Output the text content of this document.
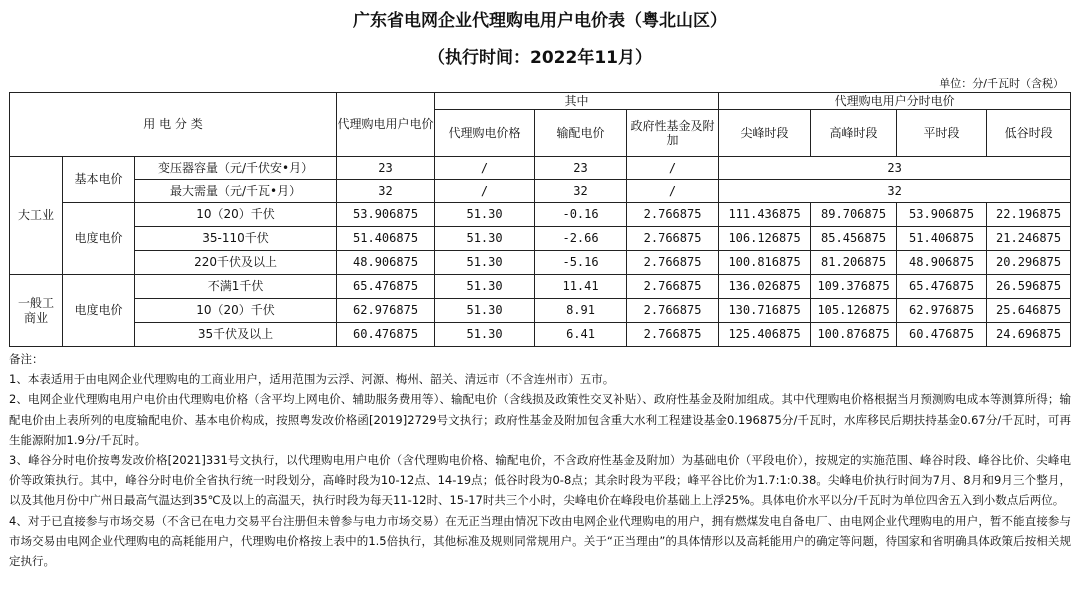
广东省电网企业代理购电用户电价表（粤北山区）
（执行时间：2022年11月）
单位：分/千瓦时（含税）
用 电 分 类			代理购电用户电价	其中			代理购电用户分时电价			
				代理购电价格	输配电价	政府性基金及附加	尖峰时段	高峰时段	平时段	低谷时段
大工业	基本电价	变压器容量（元/千伏安•月）	23	/	23	/	23			
		最大需量（元/千瓦•月）	32	/	32	/	32			
	电度电价	10（20）千伏	53.906875	51.30	-0.16	2.766875	111.436875	89.706875	53.906875	22.196875
		35-110千伏	51.406875	51.30	-2.66	2.766875	106.126875	85.456875	51.406875	21.246875
		220千伏及以上	48.906875	51.30	-5.16	2.766875	100.816875	81.206875	48.906875	20.296875
一般工商业	电度电价	不满1千伏	65.476875	51.30	11.41	2.766875	136.026875	109.376875	65.476875	26.596875
		10（20）千伏	62.976875	51.30	8.91	2.766875	130.716875	105.126875	62.976875	25.646875
		35千伏及以上	60.476875	51.30	6.41	2.766875	125.406875	100.876875	60.476875	24.696875

备注：

1、本表适用于由电网企业代理购电的工商业用户，适用范围为云浮、河源、梅州、韶关、清远市（不含连州市）五市。

2、电网企业代理购电用户电价由代理购电价格（含平均上网电价、辅助服务费用等）、输配电价（含线损及政策性交叉补贴）、政府性基金及附加组成。其中代理购电价格根据当月预测购电成本等测算所得；输配电价由上表所列的电度输配电价、基本电价构成，按照粤发改价格函[2019]2729号文执行；政府性基金及附加包含重大水利工程建设基金0.196875分/千瓦时，水库移民后期扶持基金0.67分/千瓦时，可再生能源附加1.9分/千瓦时。

3、峰谷分时电价按粤发改价格[2021]331号文执行，以代理购电用户电价（含代理购电价格、输配电价，不含政府性基金及附加）为基础电价（平段电价），按规定的实施范围、峰谷时段、峰谷比价、尖峰电价等政策执行。其中，峰谷分时电价全省执行统一时段划分，高峰时段为10-12点、14-19点；低谷时段为0-8点；其余时段为平段；峰平谷比价为1.7:1:0.38。尖峰电价执行时间为7月、8月和9月三个整月，以及其他月份中广州日最高气温达到35℃及以上的高温天，执行时段为每天11-12时、15-17时共三个小时，尖峰电价在峰段电价基础上上浮25%。具体电价水平以分/千瓦时为单位四舍五入到小数点后两位。

4、对于已直接参与市场交易（不含已在电力交易平台注册但未曾参与电力市场交易）在无正当理由情况下改由电网企业代理购电的用户，拥有燃煤发电自备电厂、由电网企业代理购电的用户，暂不能直接参与市场交易由电网企业代理购电的高耗能用户，代理购电价格按上表中的1.5倍执行，其他标准及规则同常规用户。关于“正当理由”的具体情形以及高耗能用户的确定等问题，待国家和省明确具体政策后按相关规定执行。
